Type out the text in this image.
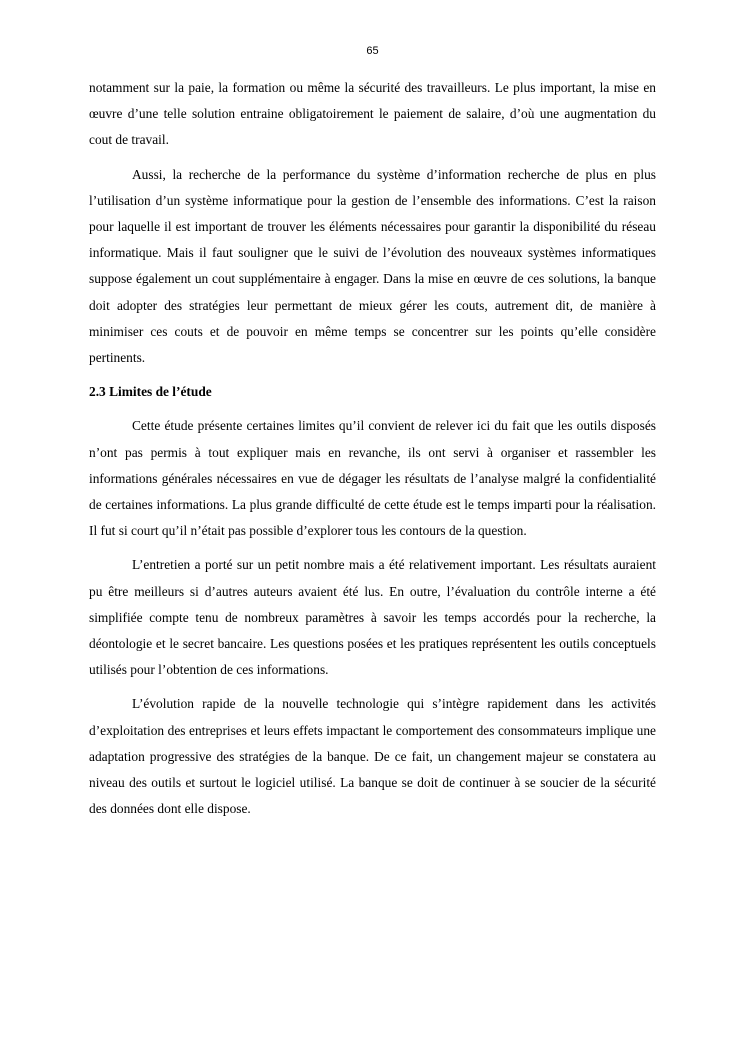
65

notamment sur la paie, la formation ou même la sécurité des travailleurs. Le plus important, la mise en œuvre d’une telle solution entraine obligatoirement le paiement de salaire, d’où une augmentation du cout de travail.

Aussi, la recherche de la performance du système d’information recherche de plus en plus l’utilisation d’un système informatique pour la gestion de l’ensemble des informations. C’est la raison pour laquelle il est important de trouver les éléments nécessaires pour garantir la disponibilité du réseau informatique. Mais il faut souligner que le suivi de l’évolution des nouveaux systèmes informatiques suppose également un cout supplémentaire à engager. Dans la mise en œuvre de ces solutions, la banque doit adopter des stratégies leur permettant de mieux gérer les couts, autrement dit, de manière à minimiser ces couts et de pouvoir en même temps se concentrer sur les points qu’elle considère pertinents.

2.3 Limites de l’étude

Cette étude présente certaines limites qu’il convient de relever ici du fait que les outils disposés n’ont pas permis à tout expliquer mais en revanche, ils ont servi à organiser et rassembler les informations générales nécessaires en vue de dégager les résultats de l’analyse malgré la confidentialité de certaines informations. La plus grande difficulté de cette étude est le temps imparti pour la réalisation. Il fut si court qu’il n’était pas possible d’explorer tous les contours de la question.

L’entretien a porté sur un petit nombre mais a été relativement important. Les résultats auraient pu être meilleurs si d’autres auteurs avaient été lus. En outre, l’évaluation du contrôle interne a été simplifiée compte tenu de nombreux paramètres à savoir les temps accordés pour la recherche, la déontologie et le secret bancaire. Les questions posées et les pratiques représentent les outils conceptuels utilisés pour l’obtention de ces informations.

L’évolution rapide de la nouvelle technologie qui s’intègre rapidement dans les activités d’exploitation des entreprises et leurs effets impactant le comportement des consommateurs implique une adaptation progressive des stratégies de la banque. De ce fait, un changement majeur se constatera au niveau des outils et surtout le logiciel utilisé. La banque se doit de continuer à se soucier de la sécurité des données dont elle dispose.
